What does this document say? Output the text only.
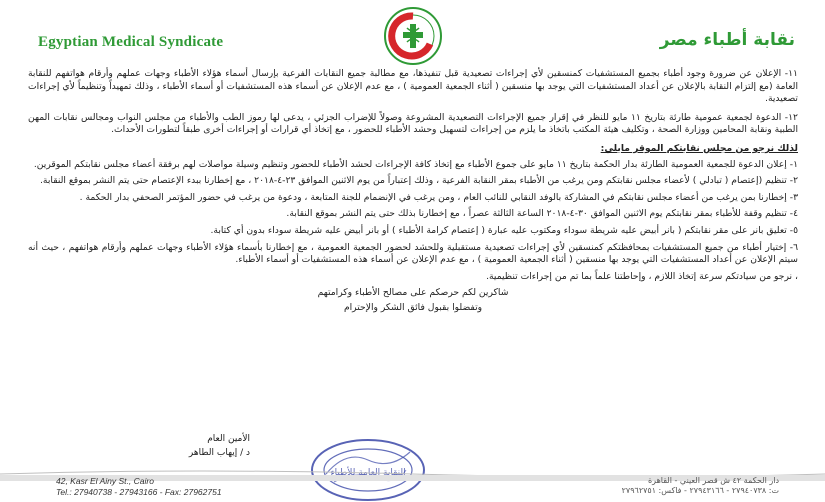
Egyptian Medical Syndicate	نقابة أطباء مصر

١١- الإعلان عن ضرورة وجود أطباء بجميع المستشفيات كمنسقين لأي إجراءات تصعيدية قبل تنفيذها، مع مطالبة جميع النقابات الفرعية بإرسال أسماء هؤلاء الأطباء وجهات عملهم وأرقام هواتفهم للنقابة العامة (مع إلتزام النقابة بالإعلان عن أعداد المستشفيات التي يوجد بها منسقين ( أثناء الجمعية العمومية ) ، مع عدم الإعلان عن أسماء هذه المستشفيات أو أسماء الأطباء ، وذلك تمهيداً وتنظيماً لأي إجراءات تصعيدية.

١٢- الدعوة لجمعية عمومية طارئة بتاريخ ١١ مايو للنظر في إقرار جميع الإجراءات التصعيدية المشروعة وصولاً للإضراب الجزئي ، يدعى لها رموز الطب والأطباء من مجلس النواب ومجالس نقابات المهن الطبية ونقابة المحامين ووزارة الصحة ، وتكليف هيئة المكتب باتخاذ ما يلزم من إجراءات لتسهيل وحشد الأطباء للحضور ، مع إتخاذ أي قرارات أو إجراءات أخرى طبقاً لتطورات الأحداث.

لذلك نرجو من مجلس نقابتكم الموقر مايلي:

١- إعلان الدعوة للجمعية العمومية الطارئة بدار الحكمة بتاريخ ١١ مايو على جموع الأطباء مع إتخاذ كافة الإجراءات لحشد الأطباء للحضور وتنظيم وسيلة مواصلات لهم برفقة أعضاء مجلس نقابتكم الموقرين.

٢- تنظيم (إعتصام ( تبادلي ) لأعضاء مجلس نقابتكم ومن يرغب من الأطباء بمقر النقابة الفرعية ، وذلك إعتباراً من يوم الاثنين الموافق ٢٣-٤-٢٠١٨ ، مع إخطارنا ببدء الإعتصام حتى يتم النشر بموقع النقابة.

٣- إخطارنا بمن يرغب من أعضاء مجلس نقابتكم في المشاركة بالوفد النقابي للنائب العام ، ومن يرغب في الإنضمام للجنة المتابعة ، ودعوة من يرغب في حضور المؤتمر الصحفي بدار الحكمة .

٤- تنظيم وقفة للأطباء بمقر نقابتكم يوم الاثنين الموافق ٣٠-٤-٢٠١٨ الساعة الثالثة عصراً ، مع إخطارنا بذلك حتى يتم النشر بموقع النقابة.

٥- تعليق بانر على مقر نقابتكم ( بانر أبيض عليه شريطة سوداء ومكتوب عليه عبارة ( إعتصام كرامة الأطباء ) أو بانر أبيض عليه شريطة سوداء بدون أي كتابة.

٦- إختيار أطباء من جميع المستشفيات بمحافظتكم كمنسقين لأي إجراءات تصعيدية مستقبلية وللحشد لحضور الجمعية العمومية ، مع إخطارنا بأسماء هؤلاء الأطباء وجهات عملهم وأرقام هواتفهم ، حيث أنه سيتم الإعلان عن أعداد المستشفيات التي يوجد بها منسقين ( أثناء الجمعية العمومية ) ، مع عدم الإعلان عن أسماء هذه المستشفيات أو أسماء الأطباء.

، نرجو من سيادتكم سرعة إتخاذ اللازم ، وإحاطتنا علماً بما تم من إجراءات تنظيمية.

شاكرين لكم حرصكم على مصالح الأطباء وكرامتهم

وتفضلوا بقبول فائق الشكر والإحترام

الأمين العام
د / إيهاب الطاهر
النقابة العامة للأطباء
42, Kasr El Ainy St., Cairo
Tel.: 27940738 - 27943166 - Fax: 27962751
دار الحكمة ٤٢ ش قصر العيني - القاهرة
ت: ٢٧٩٤٠٧٣٨ - ٢٧٩٤٣١٦٦ - فاكس: ٢٧٩٦٢٧٥١
